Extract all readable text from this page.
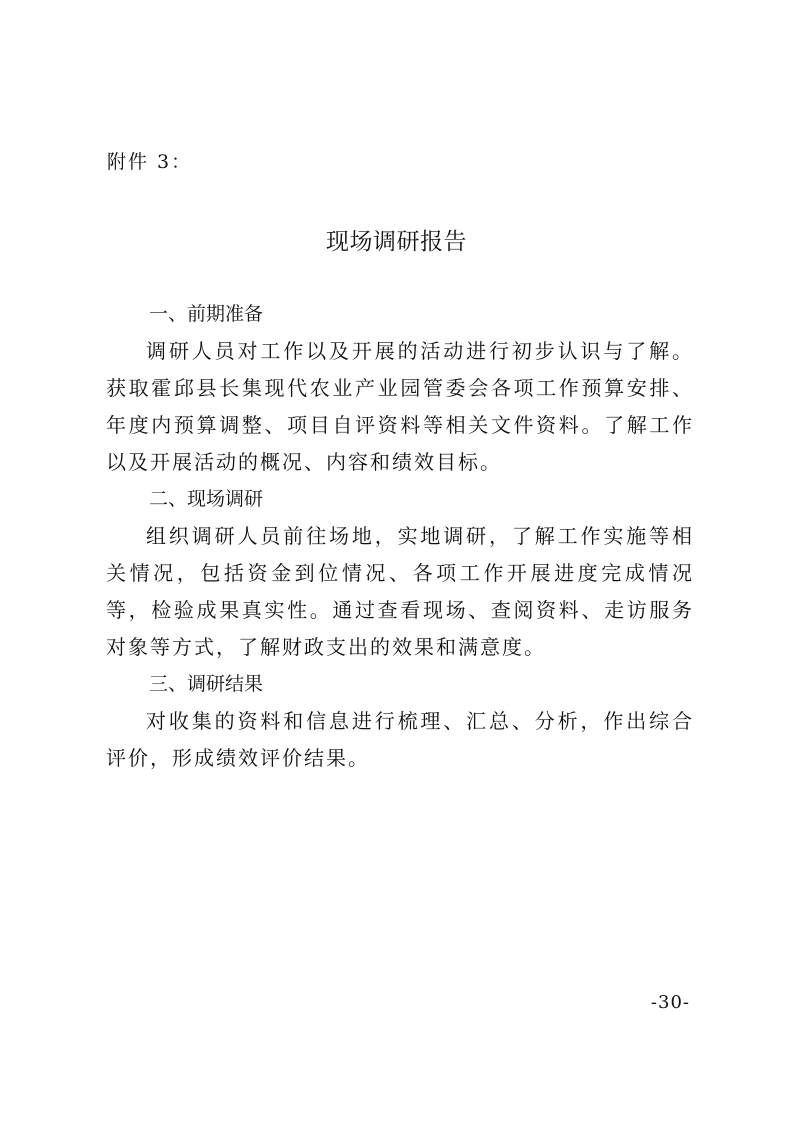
附件 3：
现场调研报告

一、前期准备

调研人员对工作以及开展的活动进行初步认识与了解。获取霍邱县长集现代农业产业园管委会各项工作预算安排、年度内预算调整、项目自评资料等相关文件资料。了解工作以及开展活动的概况、内容和绩效目标。

二、现场调研

组织调研人员前往场地，实地调研，了解工作实施等相关情况，包括资金到位情况、各项工作开展进度完成情况等，检验成果真实性。通过查看现场、查阅资料、走访服务对象等方式，了解财政支出的效果和满意度。

三、调研结果

对收集的资料和信息进行梳理、汇总、分析，作出综合评价，形成绩效评价结果。

-30-
